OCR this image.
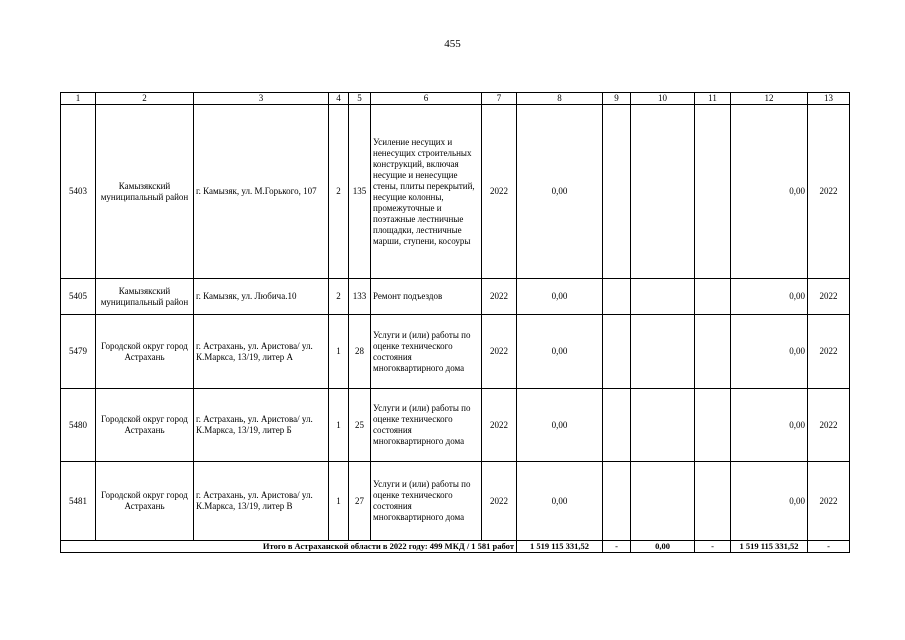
455
1	2	3	4	5	6	7	8	9	10	11	12	13
5403	Камызякский муниципальный район	г. Камызяк, ул. М.Горького, 107	2	135	Усиление несущих и ненесущих строительных конструкций, включая несущие и ненесущие стены, плиты перекрытий, несущие колонны, промежуточные и поэтажные лестничные площадки, лестничные марши, ступени, косоуры	2022	0,00				0,00	2022
5405	Камызякский муниципальный район	г. Камызяк, ул. Любича.10	2	133	Ремонт подъездов	2022	0,00				0,00	2022
5479	Городской округ город Астрахань	г. Астрахань, ул. Аристова/ ул. К.Маркса, 13/19, литер А	1	28	Услуги и (или) работы по оценке технического состояния многоквартирного дома	2022	0,00				0,00	2022
5480	Городской округ город Астрахань	г. Астрахань, ул. Аристова/ ул. К.Маркса, 13/19, литер Б	1	25	Услуги и (или) работы по оценке технического состояния многоквартирного дома	2022	0,00				0,00	2022
5481	Городской округ город Астрахань	г. Астрахань, ул. Аристова/ ул. К.Маркса, 13/19, литер В	1	27	Услуги и (или) работы по оценке технического состояния многоквартирного дома	2022	0,00				0,00	2022
Итого в Астраханской области в 2022 году: 499 МКД / 1 581 работ							1 519 115 331,52	-	0,00	-	1 519 115 331,52	-
